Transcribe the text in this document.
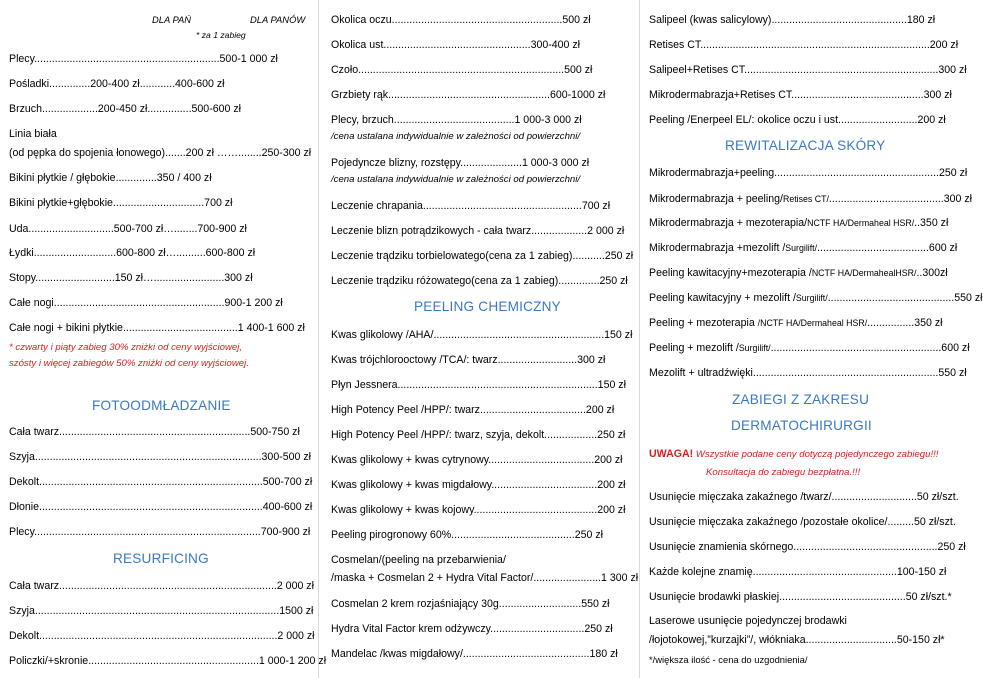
DLA PAŃ	DLA PANÓW
* za 1 zabieg
Plecy...............................................................500-1 000 zł
Pośladki..............200-400 zł............400-600 zł
Brzuch...................200-450 zł...............500-600 zł
Linia biała
(od pępka do spojenia łonowego).......200 zł ……........250-300 zł
Bikini płytkie / głębokie..............350 / 400 zł
Bikini płytkie+głębokie...............................700 zł
Uda.............................500-700 zł…........700-900 zł
Łydki............................600-800 zł…..........600-800 zł
Stopy...........................150 zł…........................300 zł
Całe nogi..........................................................900-1 200 zł
Całe nogi + bikini płytkie.......................................1 400-1 600 zł
* czwarty i piąty zabieg 30% zniżki od ceny wyjściowej,
szósty i więcej zabiegów 50% zniżki od ceny wyjściowej.
FOTOODMŁADZANIE
Cała twarz.................................................................500-750 zł
Szyja.............................................................................300-500 zł
Dekolt............................................................................500-700 zł
Dłonie............................................................................400-600 zł
Plecy.............................................................................700-900 zł
RESURFICING
Cała twarz..........................................................................2 000 zł
Szyja...................................................................................1500 zł
Dekolt.................................................................................2 000 zł
Policzki/+skronie..........................................................1 000-1 200 zł
Okolica oczu..........................................................500 zł
Okolica ust..................................................300-400 zł
Czoło......................................................................500 zł
Grzbiety rąk.......................................................600-1000 zł
Plecy, brzuch.........................................1 000-3 000 zł
/cena ustalana indywidualnie w zależności od powierzchni/
Pojedyncze blizny, rozstępy.....................1 000-3 000 zł
/cena ustalana indywidualnie w zależności od powierzchni/
Leczenie chrapania......................................................700 zł
Leczenie blizn potrądzikowych - cała twarz...................2 000 zł
Leczenie trądziku torbielowatego(cena za 1 zabieg)...........250 zł
Leczenie trądziku różowatego(cena za 1 zabieg)..............250 zł
PEELING CHEMICZNY
Kwas glikolowy /AHA/..........................................................150 zł
Kwas trójchlorooctowy /TCA/: twarz...........................300 zł
Płyn Jessnera....................................................................150 zł
High Potency Peel /HPP/: twarz....................................200 zł
High Potency Peel /HPP/: twarz, szyja, dekolt..................250 zł
Kwas glikolowy + kwas cytrynowy....................................200 zł
Kwas glikolowy + kwas migdałowy....................................200 zł
Kwas glikolowy + kwas kojowy..........................................200 zł
Peeling pirogronowy 60%..........................................250 zł
Cosmelan/(peeling na przebarwienia/
/maska + Cosmelan 2 + Hydra Vital Factor/.......................1 300 zł
Cosmelan 2 krem rozjaśniający 30g............................550 zł
Hydra Vital Factor krem odżywczy................................250 zł
Mandelac /kwas migdałowy/...........................................180 zł
Salipeel (kwas salicylowy)..............................................180 zł
Retises CT..............................................................................200 zł
Salipeel+Retises CT..................................................................300 zł
Mikrodermabrazja+Retises CT.............................................300 zł
Peeling /Enerpeel EL/: okolice oczu i ust...........................200 zł
REWITALIZACJA SKÓRY
Mikrodermabrazja+peeling........................................................250 zł
Mikrodermabrazja + peeling/Retises CT/.......................................300 zł
Mikrodermabrazja + mezoterapia/NCTF HA/Dermaheal HSR/..350 zł
Mikrodermabrazja +mezolift /Surgilift/......................................600 zł
Peeling kawitacyjny+mezoterapia /NCTF HA/DermahealHSR/..300zł
Peeling kawitacyjny + mezolift /Surgilift/...........................................550 zł
Peeling + mezoterapia /NCTF HA/Dermaheal HSR/................350 zł
Peeling + mezolift /Surgilift/..........................................................600 zł
Mezolift + ultradźwięki...............................................................550 zł
ZABIEGI Z ZAKRESU
DERMATOCHIRURGII
UWAGA! Wszystkie podane ceny dotyczą pojedynczego zabiegu!!!
Konsultacja do zabiegu bezpłatna.!!!
Usunięcie mięczaka zakaźnego /twarz/.............................50 zł/szt.
Usunięcie mięczaka zakaźnego /pozostałe okolice/.........50 zł/szt.
Usunięcie znamienia skórnego.................................................250 zł
Każde kolejne znamię.................................................100-150 zł
Usunięcie brodawki płaskiej...........................................50 zł/szt.*
Laserowe usunięcie pojedynczej brodawki
/łojotokowej,”kurzajki”/, włókniaka...............................50-150 zł*
*/większa ilość - cena do uzgodnienia/
